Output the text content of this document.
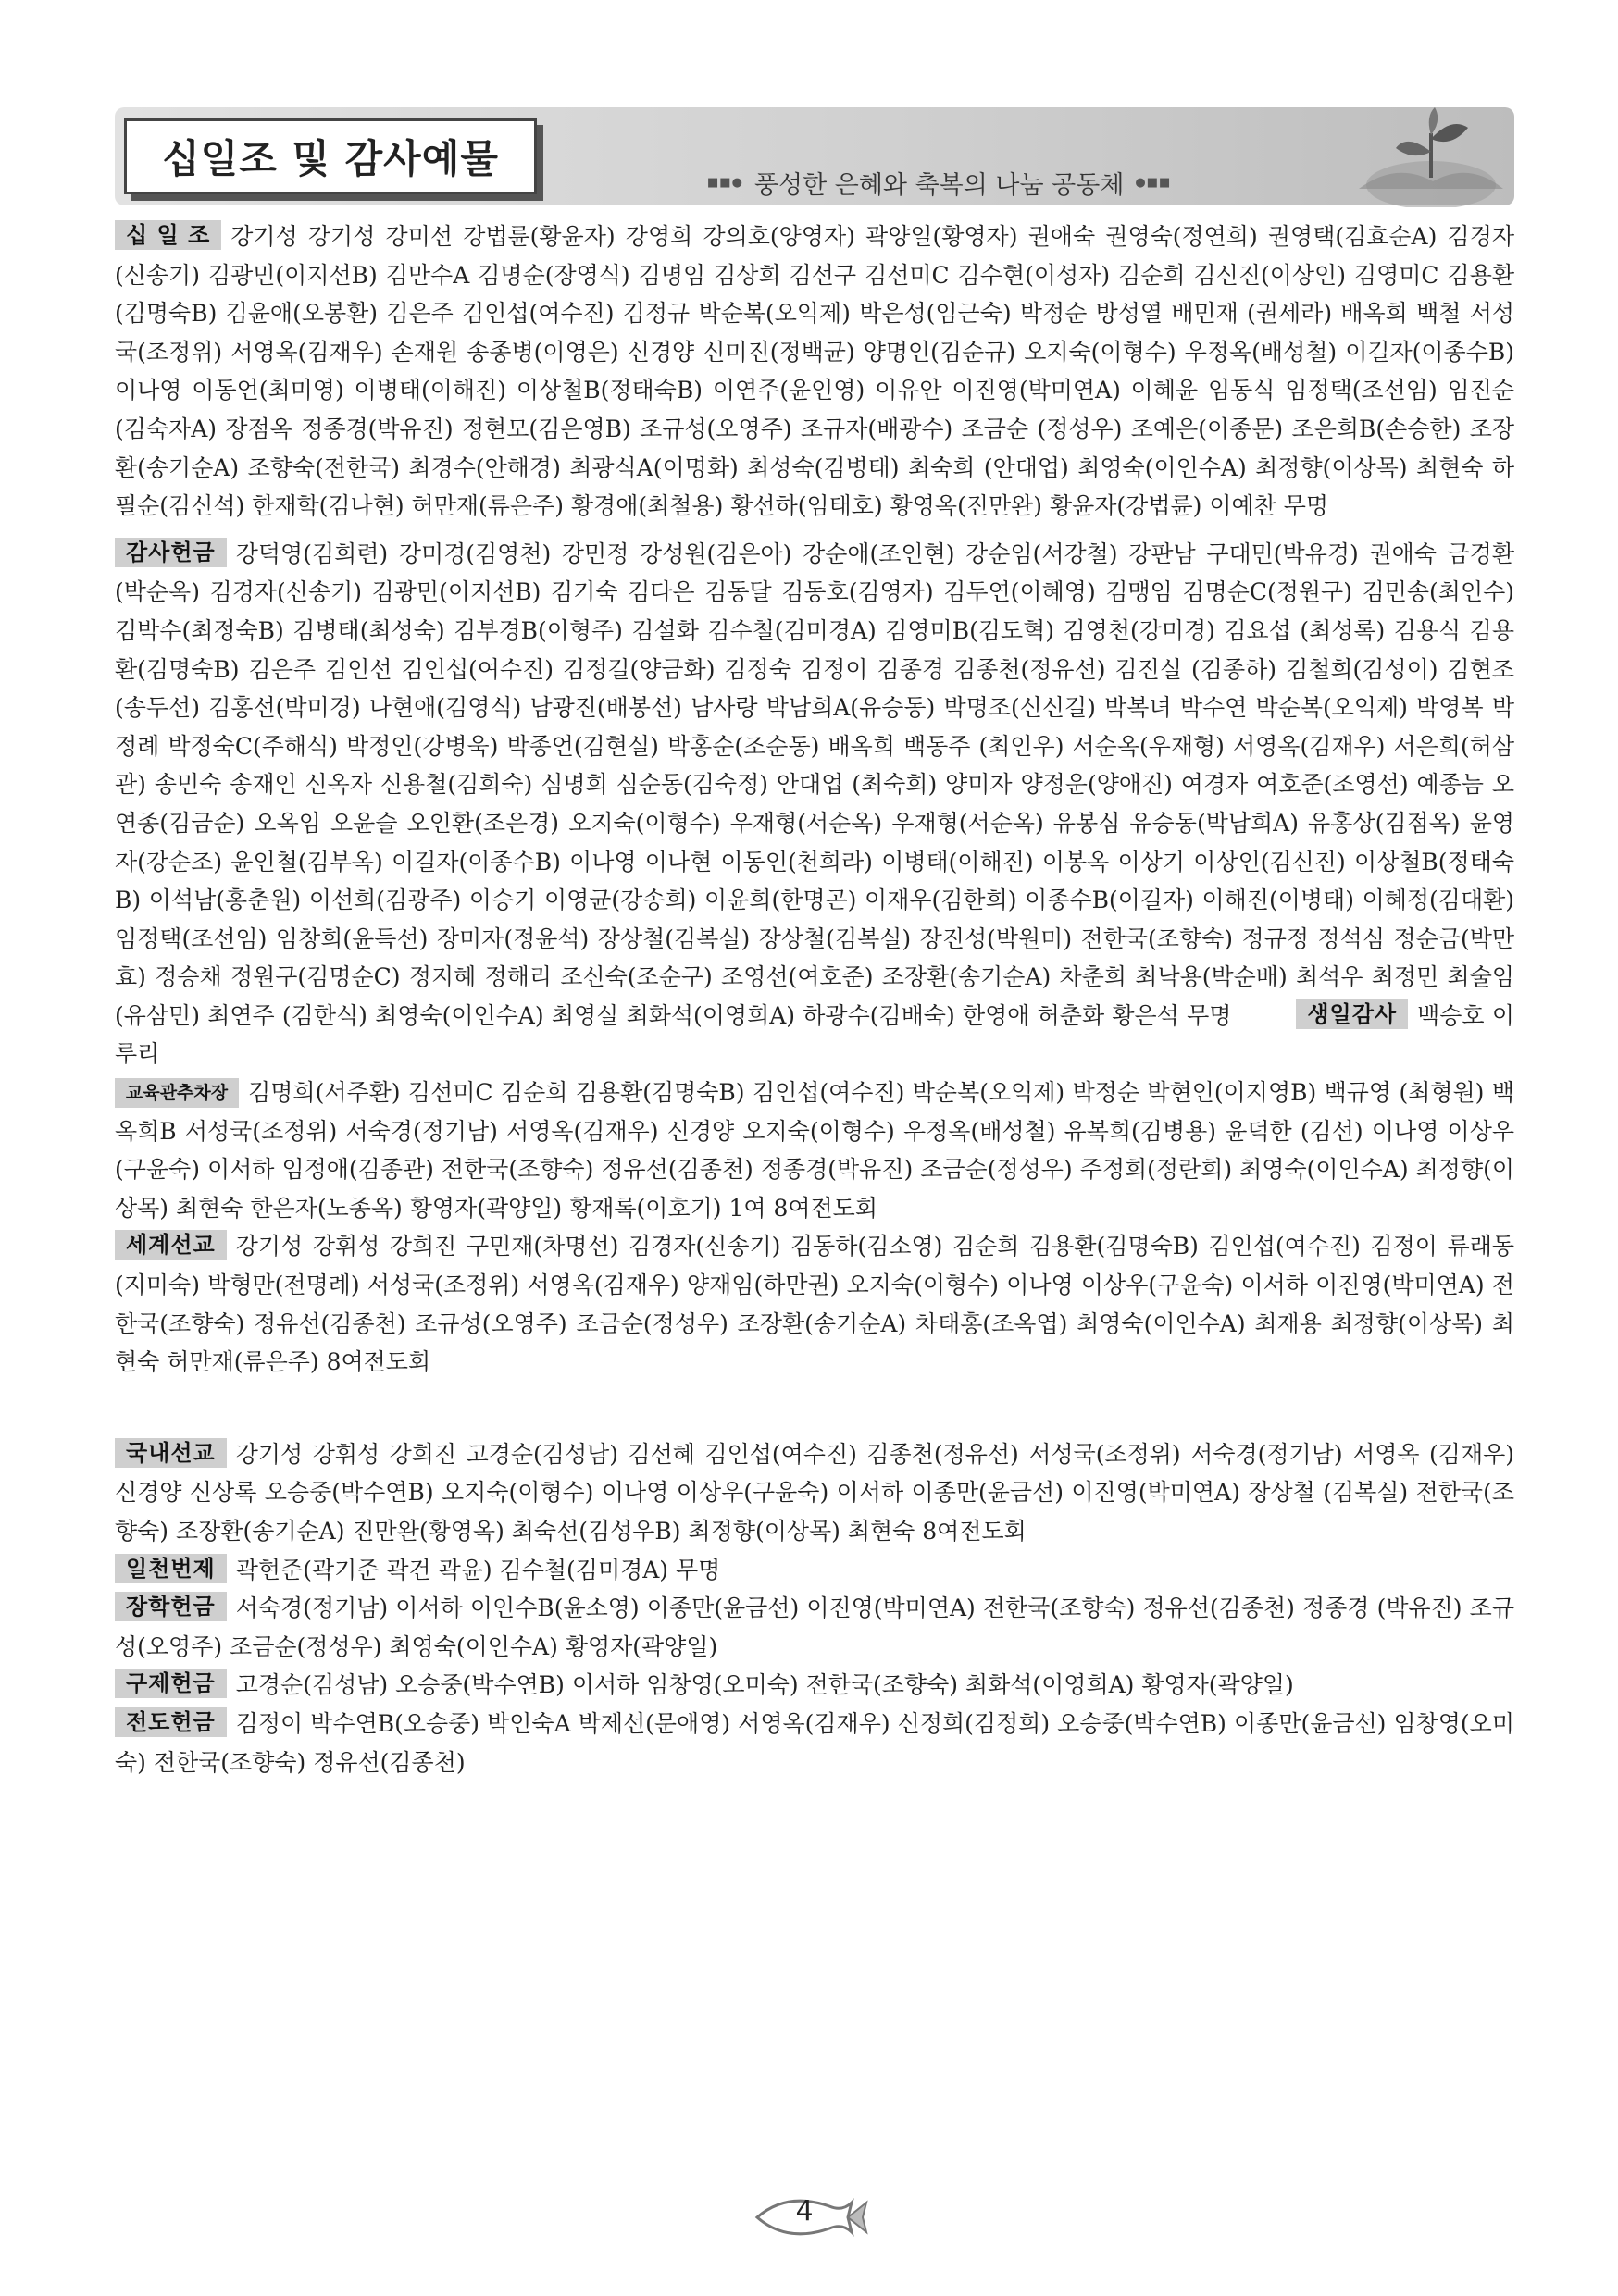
십일조 및 감사예물
■■● 풍성한 은혜와 축복의 나눔 공동체 ●■■

십 일 조 강기성 강기성 강미선 강법륜(황윤자) 강영희 강의호(양영자) 곽양일(황영자) 권애숙 권영숙(정연희) 권영택(김효순A) 김경자(신송기) 김광민(이지선B) 김만수A 김명순(장영식) 김명임 김상희 김선구 김선미C 김수현(이성자) 김순희 김신진(이상인) 김영미C 김용환(김명숙B) 김윤애(오봉환) 김은주 김인섭(여수진) 김정규 박순복(오익제) 박은성(임근숙) 박정순 방성열 배민재 (권세라) 배옥희 백철 서성국(조정위) 서영옥(김재우) 손재원 송종병(이영은) 신경양 신미진(정백균) 양명인(김순규) 오지숙(이형수) 우정옥(배성철) 이길자(이종수B) 이나영 이동언(최미영) 이병태(이해진) 이상철B(정태숙B) 이연주(윤인영) 이유안 이진영(박미연A) 이혜윤 임동식 임정택(조선임) 임진순(김숙자A) 장점옥 정종경(박유진) 정현모(김은영B) 조규성(오영주) 조규자(배광수) 조금순 (정성우) 조예은(이종문) 조은희B(손승한) 조장환(송기순A) 조향숙(전한국) 최경수(안해경) 최광식A(이명화) 최성숙(김병태) 최숙희 (안대업) 최영숙(이인수A) 최정향(이상목) 최현숙 하필순(김신석) 한재학(김나현) 허만재(류은주) 황경애(최철용) 황선하(임태호) 황영옥(진만완) 황윤자(강법륜) 이예찬 무명

감사헌금 강덕영(김희련) 강미경(김영천) 강민정 강성원(김은아) 강순애(조인현) 강순임(서강철) 강판남 구대민(박유경) 권애숙 금경환(박순옥) 김경자(신송기) 김광민(이지선B) 김기숙 김다은 김동달 김동호(김영자) 김두연(이혜영) 김맹임 김명순C(정원구) 김민송(최인수) 김박수(최정숙B) 김병태(최성숙) 김부경B(이형주) 김설화 김수철(김미경A) 김영미B(김도혁) 김영천(강미경) 김요섭 (최성록) 김용식 김용환(김명숙B) 김은주 김인선 김인섭(여수진) 김정길(양금화) 김정숙 김정이 김종경 김종천(정유선) 김진실 (김종하) 김철희(김성이) 김현조(송두선) 김홍선(박미경) 나현애(김영식) 남광진(배봉선) 남사랑 박남희A(유승동) 박명조(신신길) 박복녀 박수연 박순복(오익제) 박영복 박정례 박정숙C(주해식) 박정인(강병욱) 박종언(김현실) 박홍순(조순동) 배옥희 백동주 (최인우) 서순옥(우재형) 서영옥(김재우) 서은희(허삼관) 송민숙 송재인 신옥자 신용철(김희숙) 심명희 심순동(김숙정) 안대업 (최숙희) 양미자 양정운(양애진) 여경자 여호준(조영선) 예종늠 오연종(김금순) 오옥임 오윤슬 오인환(조은경) 오지숙(이형수) 우재형(서순옥) 우재형(서순옥) 유봉심 유승동(박남희A) 유홍상(김점옥) 윤영자(강순조) 윤인철(김부옥) 이길자(이종수B) 이나영 이나현 이동인(천희라) 이병태(이해진) 이봉옥 이상기 이상인(김신진) 이상철B(정태숙B) 이석남(홍춘원) 이선희(김광주) 이승기 이영균(강송희) 이윤희(한명곤) 이재우(김한희) 이종수B(이길자) 이해진(이병태) 이혜정(김대환) 임정택(조선임) 임창희(윤득선) 장미자(정윤석) 장상철(김복실) 장상철(김복실) 장진성(박원미) 전한국(조향숙) 정규정 정석심 정순금(박만효) 정승채 정원구(김명순C) 정지혜 정해리 조신숙(조순구) 조영선(여호준) 조장환(송기순A) 차춘희 최낙용(박순배) 최석우 최정민 최술임(유삼민) 최연주 (김한식) 최영숙(이인수A) 최영실 최화석(이영희A) 하광수(김배숙) 한영애 허춘화 황은석 무명	생일감사 백승호 이루리

교육관추차장 김명희(서주환) 김선미C 김순희 김용환(김명숙B) 김인섭(여수진) 박순복(오익제) 박정순 박현인(이지영B) 백규영 (최형원) 백옥희B 서성국(조정위) 서숙경(정기남) 서영옥(김재우) 신경양 오지숙(이형수) 우정옥(배성철) 유복희(김병용) 윤덕한 (김선) 이나영 이상우(구윤숙) 이서하 임정애(김종관) 전한국(조향숙) 정유선(김종천) 정종경(박유진) 조금순(정성우) 주정희(정란희) 최영숙(이인수A) 최정향(이상목) 최현숙 한은자(노종옥) 황영자(곽양일) 황재록(이호기) 1여 8여전도회

세계선교 강기성 강휘성 강희진 구민재(차명선) 김경자(신송기) 김동하(김소영) 김순희 김용환(김명숙B) 김인섭(여수진) 김정이 류래동(지미숙) 박형만(전명례) 서성국(조정위) 서영옥(김재우) 양재임(하만권) 오지숙(이형수) 이나영 이상우(구윤숙) 이서하 이진영(박미연A) 전한국(조향숙) 정유선(김종천) 조규성(오영주) 조금순(정성우) 조장환(송기순A) 차태홍(조옥엽) 최영숙(이인수A) 최재용 최정향(이상목) 최현숙 허만재(류은주) 8여전도회

국내선교 강기성 강휘성 강희진 고경순(김성남) 김선혜 김인섭(여수진) 김종천(정유선) 서성국(조정위) 서숙경(정기남) 서영옥 (김재우) 신경양 신상록 오승중(박수연B) 오지숙(이형수) 이나영 이상우(구윤숙) 이서하 이종만(윤금선) 이진영(박미연A) 장상철 (김복실) 전한국(조향숙) 조장환(송기순A) 진만완(황영옥) 최숙선(김성우B) 최정향(이상목) 최현숙 8여전도회

일천번제 곽현준(곽기준 곽건 곽윤) 김수철(김미경A) 무명

장학헌금 서숙경(정기남) 이서하 이인수B(윤소영) 이종만(윤금선) 이진영(박미연A) 전한국(조향숙) 정유선(김종천) 정종경 (박유진) 조규성(오영주) 조금순(정성우) 최영숙(이인수A) 황영자(곽양일)

구제헌금 고경순(김성남) 오승중(박수연B) 이서하 임창영(오미숙) 전한국(조향숙) 최화석(이영희A) 황영자(곽양일)

전도헌금 김정이 박수연B(오승중) 박인숙A 박제선(문애영) 서영옥(김재우) 신정희(김정희) 오승중(박수연B) 이종만(윤금선) 임창영(오미숙) 전한국(조향숙) 정유선(김종천)

4
